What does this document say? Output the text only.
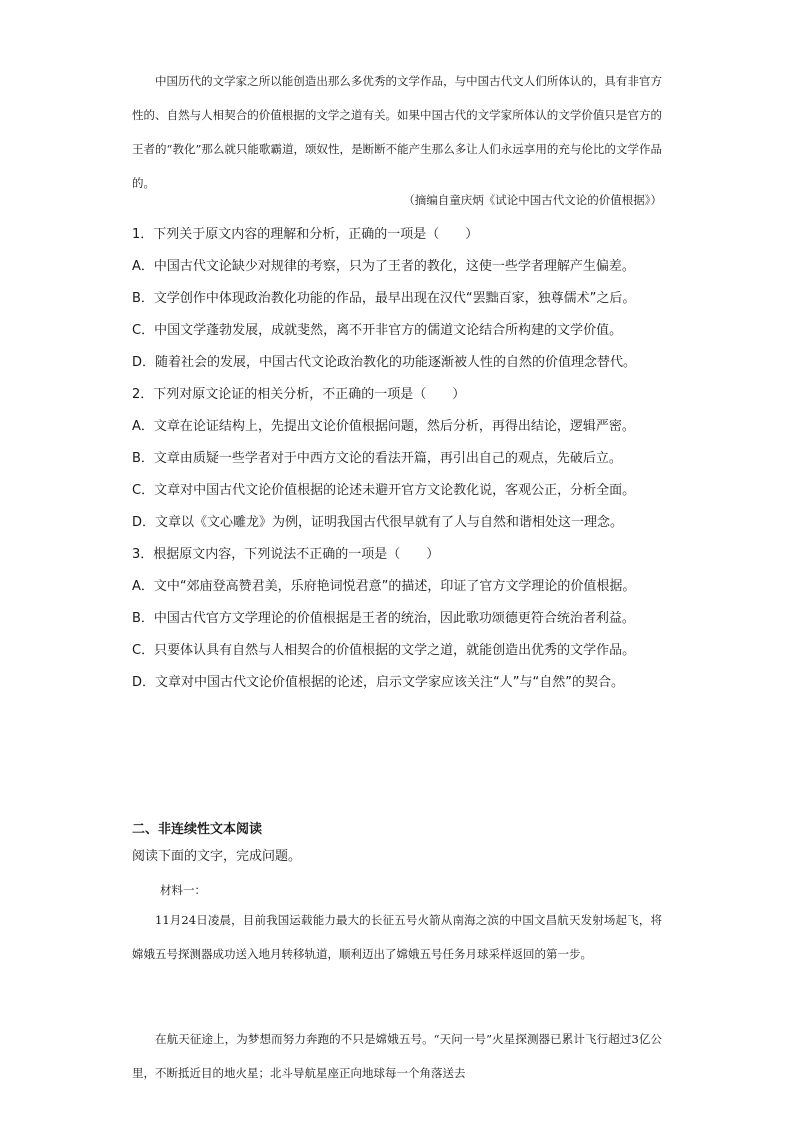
中国历代的文学家之所以能创造出那么多优秀的文学作品，与中国古代文人们所体认的，具有非官方性的、自然与人相契合的价值根据的文学之道有关。如果中国古代的文学家所体认的文学价值只是官方的王者的“教化”那么就只能歌霸道，颂奴性，是断断不能产生那么多让人们永远享用的充与伦比的文学作品的。

（摘编自童庆炳《试论中国古代文论的价值根据》）

1．下列关于原文内容的理解和分析，正确的一项是（　　）

A．中国古代文论缺少对规律的考察，只为了王者的教化，这使一些学者理解产生偏差。

B．文学创作中体现政治教化功能的作品，最早出现在汉代“罢黜百家，独尊儒术”之后。

C．中国文学蓬勃发展，成就斐然，离不开非官方的儒道文论结合所构建的文学价值。

D．随着社会的发展，中国古代文论政治教化的功能逐渐被人性的自然的价值理念替代。

2．下列对原文论证的相关分析，不正确的一项是（　　）

A．文章在论证结构上，先提出文论价值根据问题，然后分析，再得出结论，逻辑严密。

B．文章由质疑一些学者对于中西方文论的看法开篇，再引出自己的观点，先破后立。

C．文章对中国古代文论价值根据的论述未避开官方文论教化说，客观公正，分析全面。

D．文章以《文心雕龙》为例，证明我国古代很早就有了人与自然和谐相处这一理念。

3．根据原文内容，下列说法不正确的一项是（　　）

A．文中“郊庙登高赞君美，乐府艳词悦君意”的描述，印证了官方文学理论的价值根据。

B．中国古代官方文学理论的价值根据是王者的统治，因此歌功颂德更符合统治者利益。

C．只要体认具有自然与人相契合的价值根据的文学之道，就能创造出优秀的文学作品。

D．文章对中国古代文论价值根据的论述，启示文学家应该关注“人”与“自然”的契合。

二、非连续性文本阅读
阅读下面的文字，完成问题。
材料一：

11月24日凌晨，目前我国运载能力最大的长征五号火箭从南海之滨的中国文昌航天发射场起飞，将嫦娥五号探测器成功送入地月转移轨道，顺利迈出了嫦娥五号任务月球采样返回的第一步。

在航天征途上，为梦想而努力奔跑的不只是嫦娥五号。“天问一号”火星探测器已累计飞行超过3亿公里，不断抵近目的地火星；北斗导航星座正向地球每一个角落送去
